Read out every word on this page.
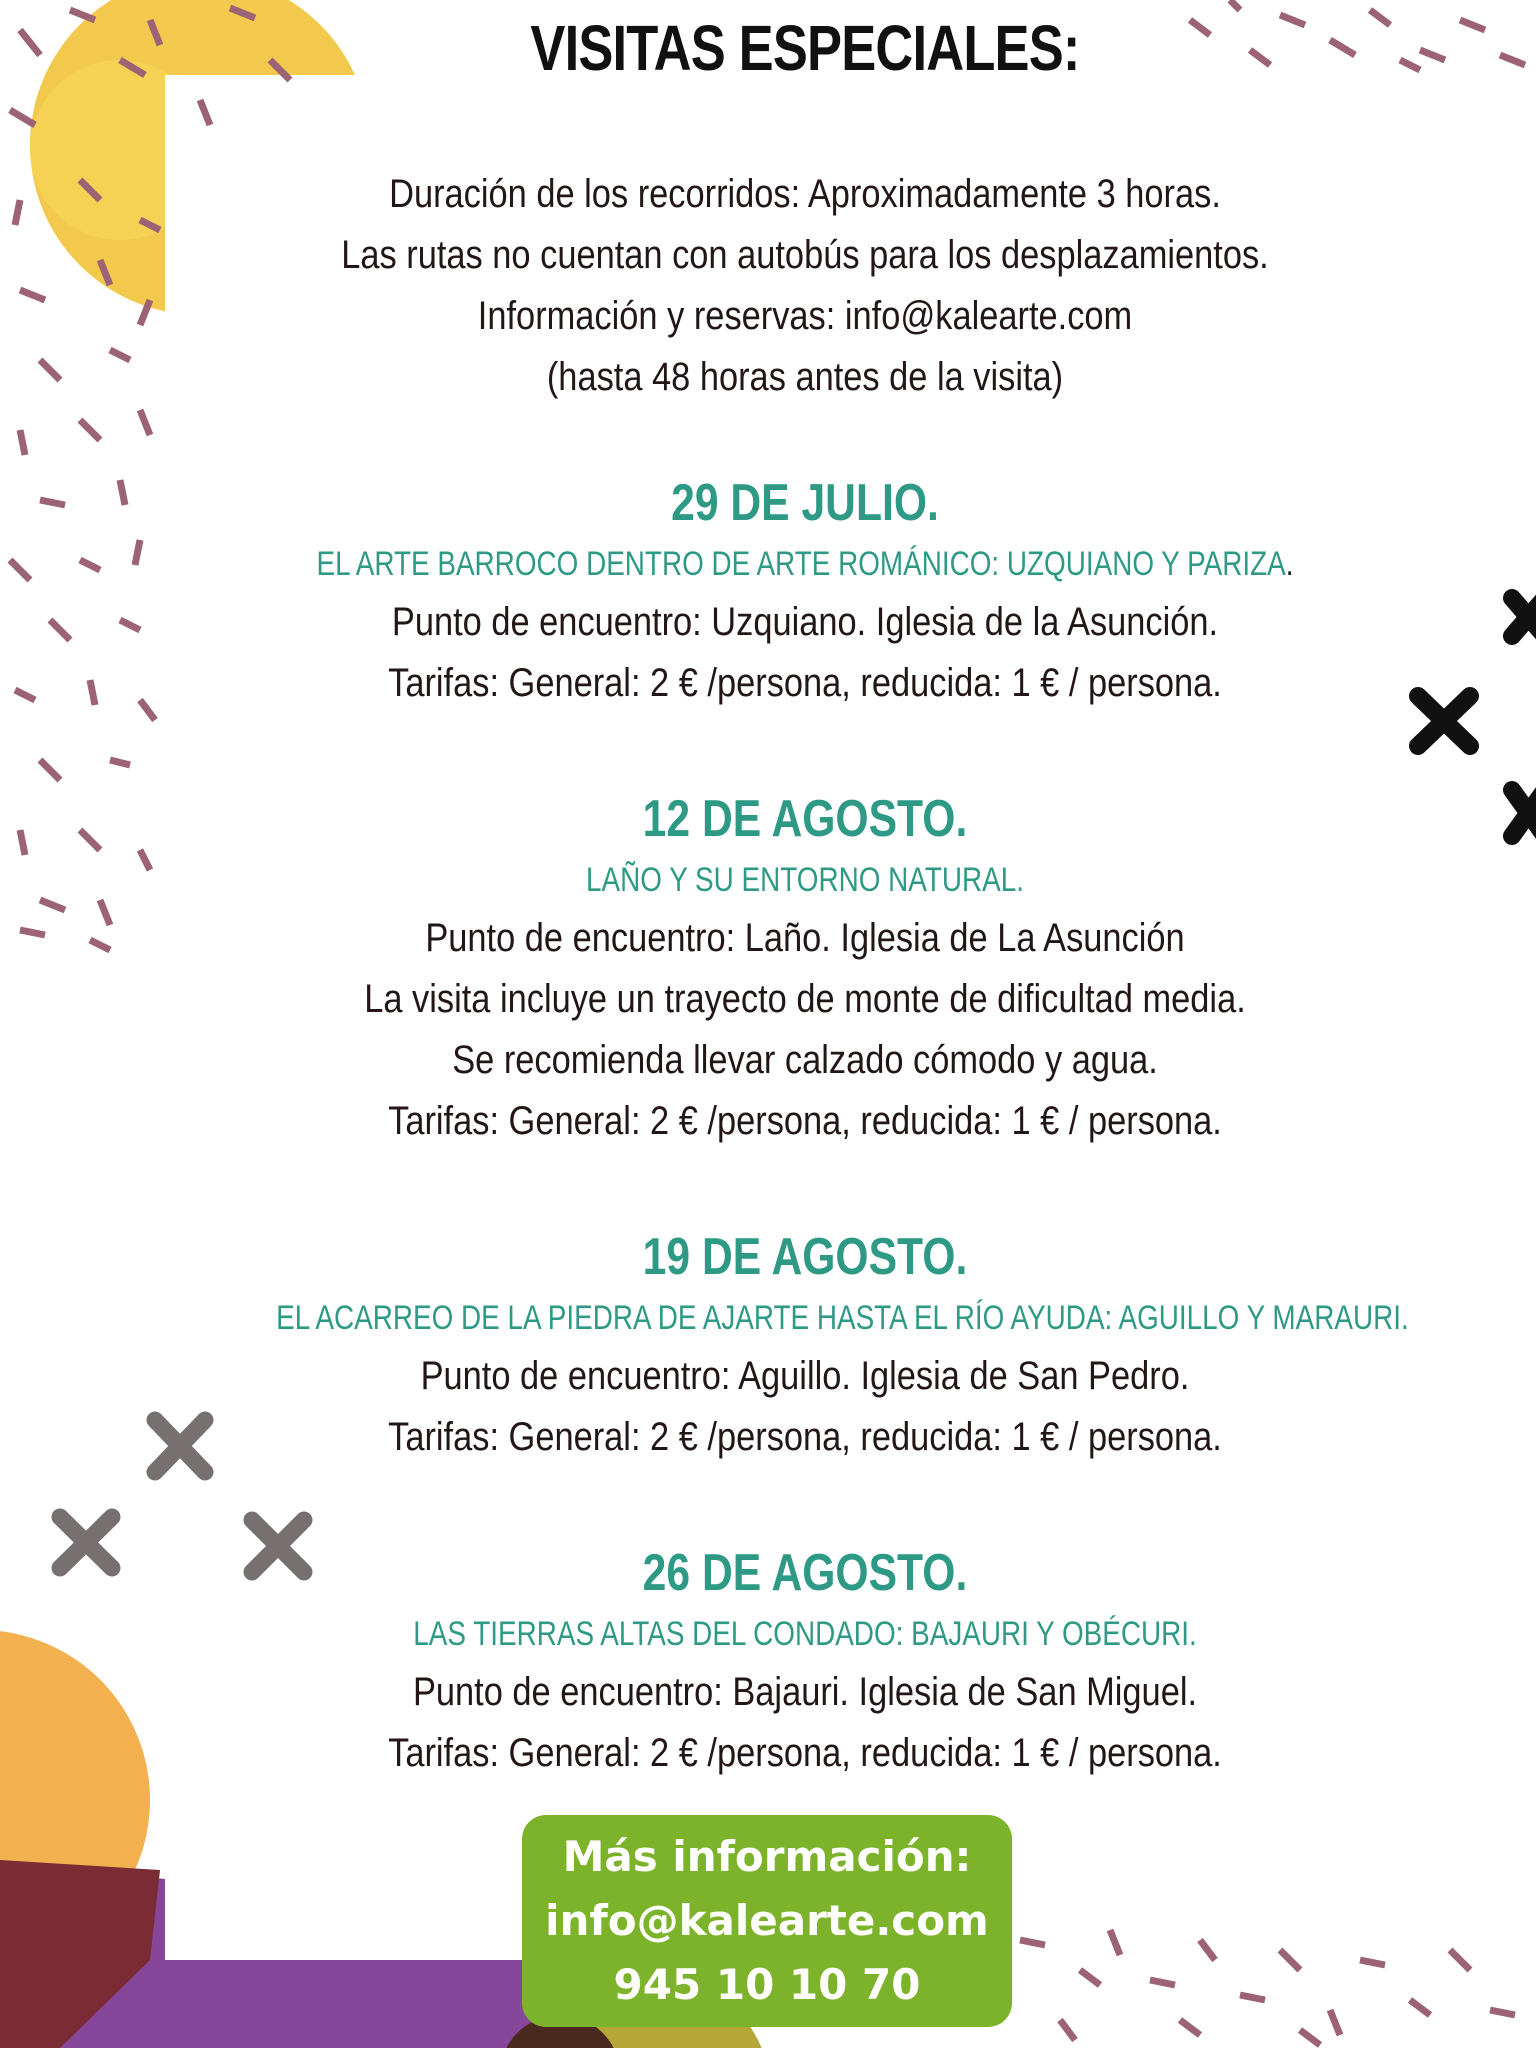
VISITAS ESPECIALES:

Duración de los recorridos: Aproximadamente 3 horas.

Las rutas no cuentan con autobús para los desplazamientos.

Información y reservas: info@kalearte.com

(hasta 48 horas antes de la visita)

29 DE JULIO.

EL ARTE BARROCO DENTRO DE ARTE ROMÁNICO: UZQUIANO Y PARIZA.

Punto de encuentro: Uzquiano. Iglesia de la Asunción.

Tarifas: General: 2 € /persona, reducida: 1 € / persona.

12 DE AGOSTO.

LAÑO Y SU ENTORNO NATURAL.

Punto de encuentro: Laño. Iglesia de La Asunción

La visita incluye un trayecto de monte de dificultad media.

Se recomienda llevar calzado cómodo y agua.

Tarifas: General: 2 € /persona, reducida: 1 € / persona.

19 DE AGOSTO.

EL ACARREO DE LA PIEDRA DE AJARTE HASTA EL RÍO AYUDA: AGUILLO Y MARAURI.

Punto de encuentro: Aguillo. Iglesia de San Pedro.

Tarifas: General: 2 € /persona, reducida: 1 € / persona.

26 DE AGOSTO.

LAS TIERRAS ALTAS DEL CONDADO: BAJAURI Y OBÉCURI.

Punto de encuentro: Bajauri. Iglesia de San Miguel.

Tarifas: General: 2 € /persona, reducida: 1 € / persona.

Más información:
info@kalearte.com
945 10 10 70
